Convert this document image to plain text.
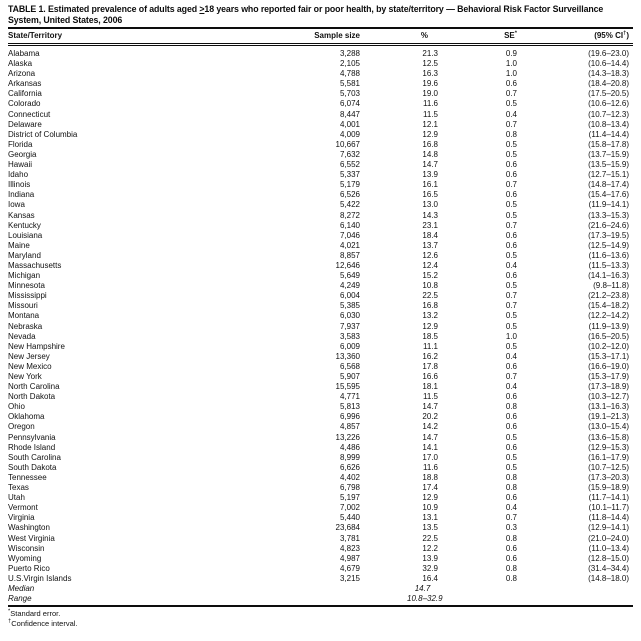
TABLE 1. Estimated prevalence of adults aged ≥18 years who reported fair or poor health, by state/territory — Behavioral Risk Factor Surveillance System, United States, 2006

State/Territory	Sample size	%	SE*	(95% CI†)
Alabama	3,288	21.3	0.9	(19.6–23.0)
Alaska	2,105	12.5	1.0	(10.6–14.4)
Arizona	4,788	16.3	1.0	(14.3–18.3)
Arkansas	5,581	19.6	0.6	(18.4–20.8)
California	5,703	19.0	0.7	(17.5–20.5)
Colorado	6,074	11.6	0.5	(10.6–12.6)
Connecticut	8,447	11.5	0.4	(10.7–12.3)
Delaware	4,001	12.1	0.7	(10.8–13.4)
District of Columbia	4,009	12.9	0.8	(11.4–14.4)
Florida	10,667	16.8	0.5	(15.8–17.8)
Georgia	7,632	14.8	0.5	(13.7–15.9)
Hawaii	6,552	14.7	0.6	(13.5–15.9)
Idaho	5,337	13.9	0.6	(12.7–15.1)
Illinois	5,179	16.1	0.7	(14.8–17.4)
Indiana	6,526	16.5	0.6	(15.4–17.6)
Iowa	5,422	13.0	0.5	(11.9–14.1)
Kansas	8,272	14.3	0.5	(13.3–15.3)
Kentucky	6,140	23.1	0.7	(21.6–24.6)
Louisiana	7,046	18.4	0.6	(17.3–19.5)
Maine	4,021	13.7	0.6	(12.5–14.9)
Maryland	8,857	12.6	0.5	(11.6–13.6)
Massachusetts	12,646	12.4	0.4	(11.5–13.3)
Michigan	5,649	15.2	0.6	(14.1–16.3)
Minnesota	4,249	10.8	0.5	(9.8–11.8)
Mississippi	6,004	22.5	0.7	(21.2–23.8)
Missouri	5,385	16.8	0.7	(15.4–18.2)
Montana	6,030	13.2	0.5	(12.2–14.2)
Nebraska	7,937	12.9	0.5	(11.9–13.9)
Nevada	3,583	18.5	1.0	(16.5–20.5)
New Hampshire	6,009	11.1	0.5	(10.2–12.0)
New Jersey	13,360	16.2	0.4	(15.3–17.1)
New Mexico	6,568	17.8	0.6	(16.6–19.0)
New York	5,907	16.6	0.7	(15.3–17.9)
North Carolina	15,595	18.1	0.4	(17.3–18.9)
North Dakota	4,771	11.5	0.6	(10.3–12.7)
Ohio	5,813	14.7	0.8	(13.1–16.3)
Oklahoma	6,996	20.2	0.6	(19.1–21.3)
Oregon	4,857	14.2	0.6	(13.0–15.4)
Pennsylvania	13,226	14.7	0.5	(13.6–15.8)
Rhode Island	4,486	14.1	0.6	(12.9–15.3)
South Carolina	8,999	17.0	0.5	(16.1–17.9)
South Dakota	6,626	11.6	0.5	(10.7–12.5)
Tennessee	4,402	18.8	0.8	(17.3–20.3)
Texas	6,798	17.4	0.8	(15.9–18.9)
Utah	5,197	12.9	0.6	(11.7–14.1)
Vermont	7,002	10.9	0.4	(10.1–11.7)
Virginia	5,440	13.1	0.7	(11.8–14.4)
Washington	23,684	13.5	0.3	(12.9–14.1)
West Virginia	3,781	22.5	0.8	(21.0–24.0)
Wisconsin	4,823	12.2	0.6	(11.0–13.4)
Wyoming	4,987	13.9	0.6	(12.8–15.0)
Puerto Rico	4,679	32.9	0.8	(31.4–34.4)
U.S.Virgin Islands	3,215	16.4	0.8	(14.8–18.0)
Median		14.7		
Range		10.8–32.9		
*Standard error.
†Confidence interval.
